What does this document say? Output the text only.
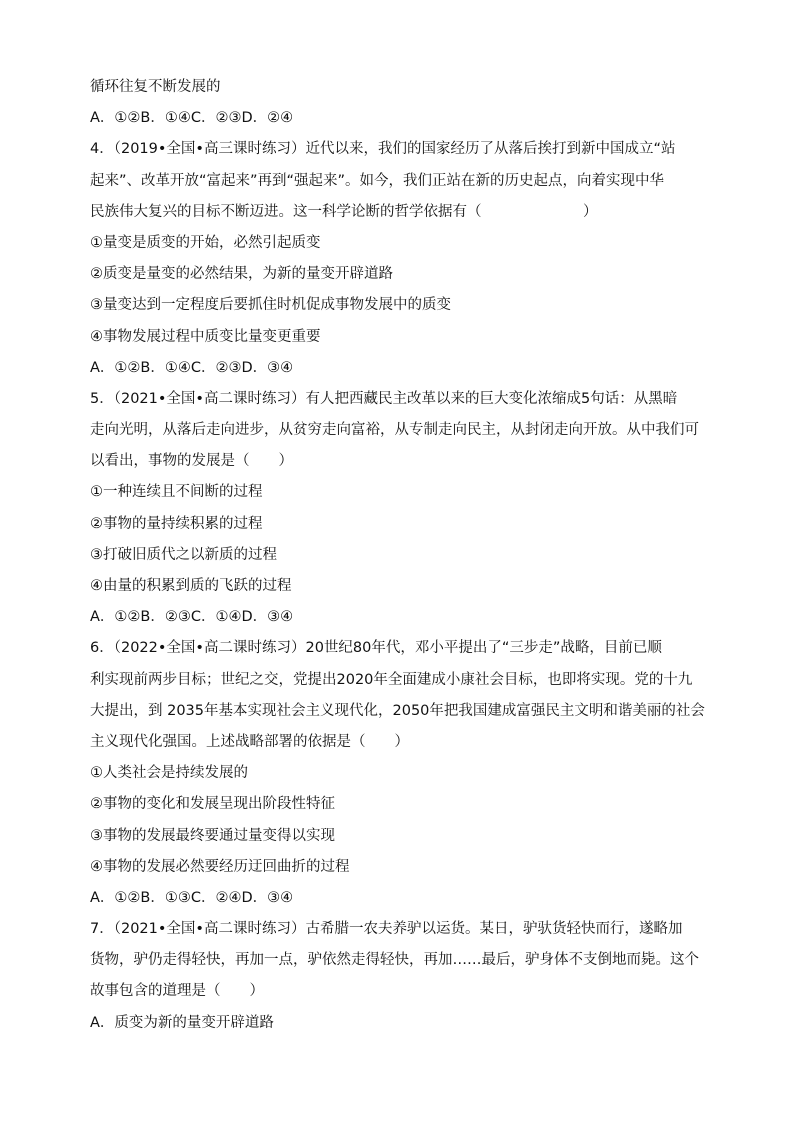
循环往复不断发展的
A．①②B．①④C．②③D．②④
4．（2019•全国•高三课时练习）近代以来，我们的国家经历了从落后挨打到新中国成立“站
起来”、改革开放“富起来”再到“强起来”。如今，我们正站在新的历史起点，向着实现中华
民族伟大复兴的目标不断迈进。这一科学论断的哲学依据有（　　　　　　　）
①量变是质变的开始，必然引起质变
②质变是量变的必然结果，为新的量变开辟道路
③量变达到一定程度后要抓住时机促成事物发展中的质变
④事物发展过程中质变比量变更重要
A．①②B．①④C．②③D．③④
5．（2021•全国•高二课时练习）有人把西藏民主改革以来的巨大变化浓缩成5句话：从黑暗
走向光明，从落后走向进步，从贫穷走向富裕，从专制走向民主，从封闭走向开放。从中我们可
以看出，事物的发展是（　　）
①一种连续且不间断的过程
②事物的量持续积累的过程
③打破旧质代之以新质的过程
④由量的积累到质的飞跃的过程
A．①②B．②③C．①④D．③④
6．（2022•全国•高二课时练习）20世纪80年代，邓小平提出了“三步走”战略，目前已顺
利实现前两步目标；世纪之交，党提出2020年全面建成小康社会目标，也即将实现。党的十九
大提出，到 2035年基本实现社会主义现代化，2050年把我国建成富强民主文明和谐美丽的社会
主义现代化强国。上述战略部署的依据是（　　）
①人类社会是持续发展的
②事物的变化和发展呈现出阶段性特征
③事物的发展最终要通过量变得以实现
④事物的发展必然要经历迂回曲折的过程
A．①②B．①③C．②④D．③④
7．（2021•全国•高二课时练习）古希腊一农夫养驴以运货。某日，驴驮货轻快而行，遂略加
货物，驴仍走得轻快，再加一点，驴依然走得轻快，再加……最后，驴身体不支倒地而毙。这个
故事包含的道理是（　　）
A．质变为新的量变开辟道路
